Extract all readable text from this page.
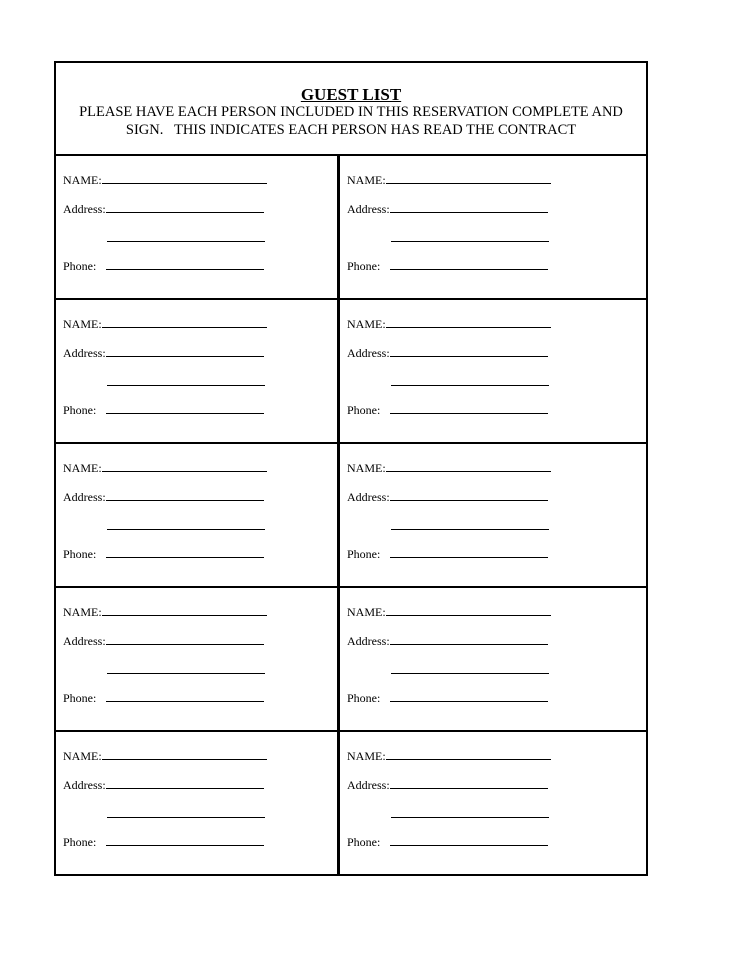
GUEST LIST
PLEASE HAVE EACH PERSON INCLUDED IN THIS RESERVATION COMPLETE AND
SIGN.   THIS INDICATES EACH PERSON HAS READ THE CONTRACT
NAME:
Address:
Phone:
NAME:
Address:
Phone:
NAME:
Address:
Phone:
NAME:
Address:
Phone:
NAME:
Address:
Phone:
NAME:
Address:
Phone:
NAME:
Address:
Phone:
NAME:
Address:
Phone:
NAME:
Address:
Phone:
NAME:
Address:
Phone:
